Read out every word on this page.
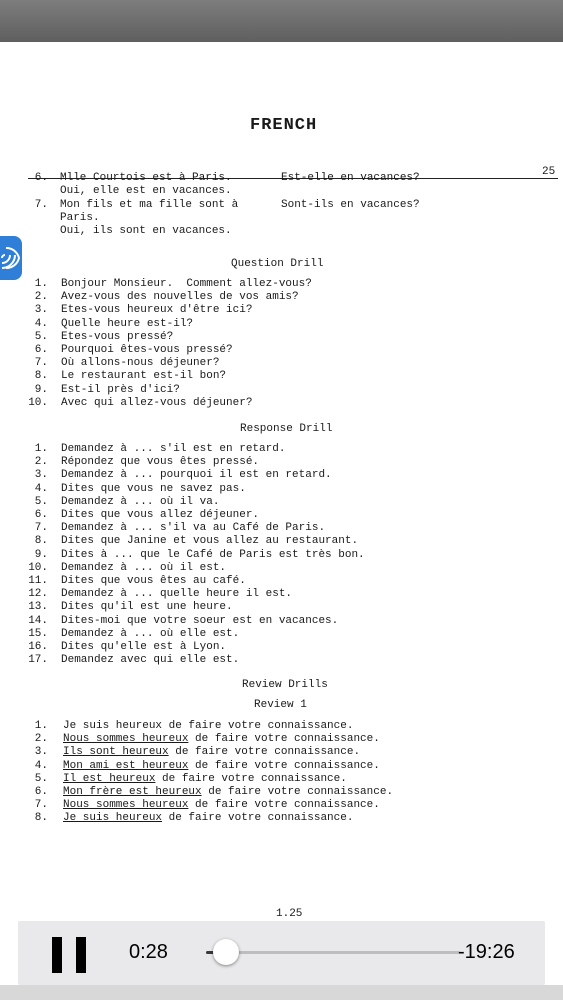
FRENCH
25
6. Mlle Courtois est à Paris.
Oui, elle est en vacances.
Est-elle en vacances?
7. Mon fils et ma fille sont à
Paris.
Oui, ils sont en vacances.
Sont-ils en vacances?
Question Drill
1. Bonjour Monsieur.  Comment allez-vous?
2. Avez-vous des nouvelles de vos amis?
3. Etes-vous heureux d'être ici?
4. Quelle heure est-il?
5. Etes-vous pressé?
6. Pourquoi êtes-vous pressé?
7. Où allons-nous déjeuner?
8. Le restaurant est-il bon?
9. Est-il près d'ici?
10. Avec qui allez-vous déjeuner?
Response Drill
1. Demandez à ... s'il est en retard.
2. Répondez que vous êtes pressé.
3. Demandez à ... pourquoi il est en retard.
4. Dites que vous ne savez pas.
5. Demandez à ... où il va.
6. Dites que vous allez déjeuner.
7. Demandez à ... s'il va au Café de Paris.
8. Dites que Janine et vous allez au restaurant.
9. Dites à ... que le Café de Paris est très bon.
10. Demandez à ... où il est.
11. Dites que vous êtes au café.
12. Demandez à ... quelle heure il est.
13. Dites qu'il est une heure.
14. Dites-moi que votre soeur est en vacances.
15. Demandez à ... où elle est.
16. Dites qu'elle est à Lyon.
17. Demandez avec qui elle est.
Review Drills
Review 1
1. Je suis heureux de faire votre connaissance.
2. Nous sommes heureux de faire votre connaissance.
3. Ils sont heureux de faire votre connaissance.
4. Mon ami est heureux de faire votre connaissance.
5. Il est heureux de faire votre connaissance.
6. Mon frère est heureux de faire votre connaissance.
7. Nous sommes heureux de faire votre connaissance.
8. Je suis heureux de faire votre connaissance.
1.25
0:28	-19:26
